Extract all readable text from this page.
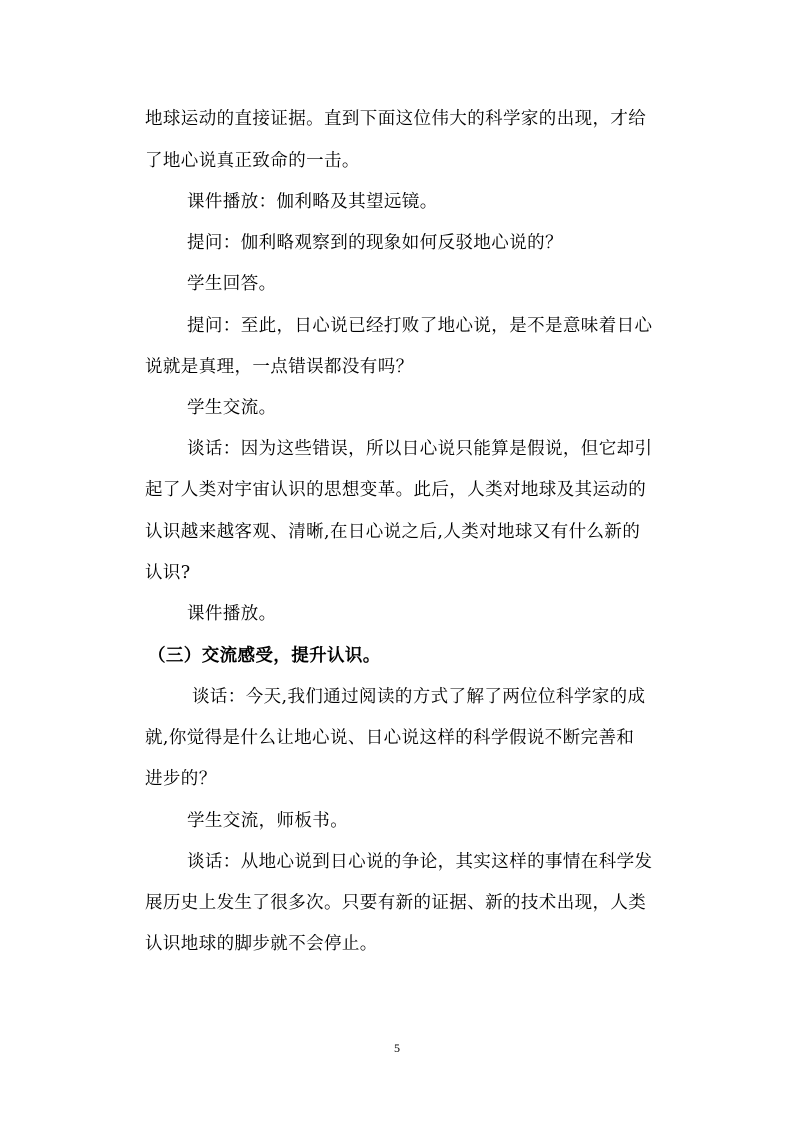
地球运动的直接证据。直到下面这位伟大的科学家的出现，才给
了地心说真正致命的一击。
课件播放：伽利略及其望远镜。
提问：伽利略观察到的现象如何反驳地心说的？
学生回答。
提问：至此，日心说已经打败了地心说，是不是意味着日心
说就是真理，一点错误都没有吗？
学生交流。
谈话：因为这些错误，所以日心说只能算是假说，但它却引
起了人类对宇宙认识的思想变革。此后，人类对地球及其运动的
认识越来越客观、清晰,在日心说之后,人类对地球又有什么新的
认识?
课件播放。
（三）交流感受，提升认识。
谈话：今天,我们通过阅读的方式了解了两位位科学家的成
就,你觉得是什么让地心说、日心说这样的科学假说不断完善和
进步的？
学生交流，师板书。
谈话：从地心说到日心说的争论，其实这样的事情在科学发
展历史上发生了很多次。只要有新的证据、新的技术出现，人类
认识地球的脚步就不会停止。
5
